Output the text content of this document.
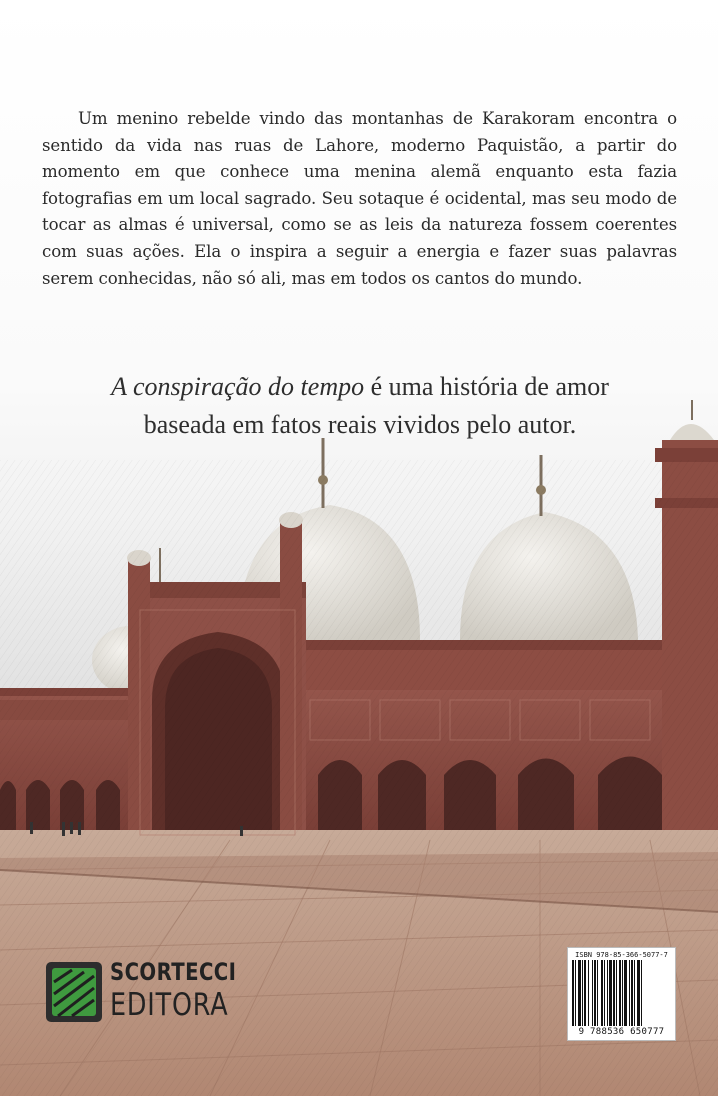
Um menino rebelde vindo das montanhas de Karakoram encontra o sentido da vida nas ruas de Lahore, moderno Paquistão, a partir do momento em que conhece uma menina alemã enquanto esta fazia fotografias em um local sagrado. Seu sotaque é ocidental, mas seu modo de tocar as almas é universal, como se as leis da natureza fossem coerentes com suas ações. Ela o inspira a seguir a energia e fazer suas palavras serem conhecidas, não só ali, mas em todos os cantos do mundo.

A conspiração do tempo é uma história de amor baseada em fatos reais vividos pelo autor.

SCORTECCI
EDITORA
ISBN 978-85-366-5077-7
9 788536 650777
